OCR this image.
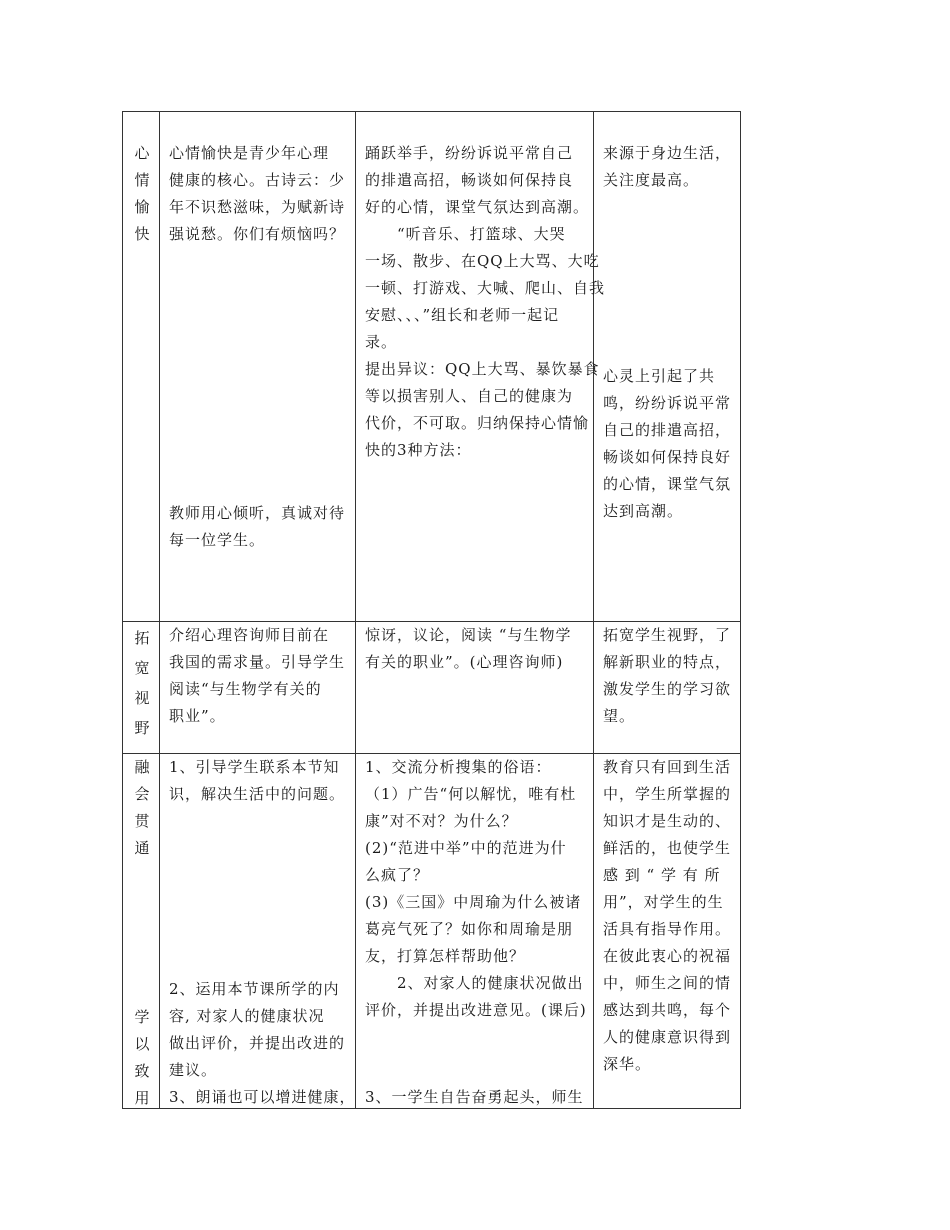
心
情
愉
快
心情愉快是青少年心理
健康的核心。古诗云：少
年不识愁滋味，为赋新诗
强说愁。你们有烦恼吗？
教师用心倾听，真诚对待
每一位学生。
踊跃举手，纷纷诉说平常自己
的排遣高招，畅谈如何保持良
好的心情，课堂气氛达到高潮。
　　“听音乐、打篮球、大哭
一场、散步、在QQ上大骂、大吃
一顿、打游戏、大喊、爬山、自我
安慰、、、”组长和老师一起记
录。
提出异议：QQ上大骂、暴饮暴食
等以损害别人、自己的健康为
代价，不可取。归纳保持心情愉
快的3种方法：
来源于身边生活，
关注度最高。
心灵上引起了共
鸣，纷纷诉说平常
自己的排遣高招，
畅谈如何保持良好
的心情，课堂气氛
达到高潮。
拓
宽
视
野
介绍心理咨询师目前在
我国的需求量。引导学生
阅读“与生物学有关的
职业”。
惊讶，议论，阅读 “与生物学
有关的职业”。(心理咨询师)
拓宽学生视野，了
解新职业的特点，
激发学生的学习欲
望。
融
会
贯
通
学
以
致
用
1、引导学生联系本节知
识，解决生活中的问题。
2、运用本节课所学的内
容, 对家人的健康状况
做出评价，并提出改进的
建议。
3、朗诵也可以增进健康，
1、交流分析搜集的俗语：
（1）广告“何以解忧，唯有杜
康”对不对？为什么？
(2)“范进中举”中的范进为什
么疯了？
(3)《三国》中周瑜为什么被诸
葛亮气死了？如你和周瑜是朋
友，打算怎样帮助他？
　　2、对家人的健康状况做出
评价，并提出改进意见。(课后)
3、一学生自告奋勇起头，师生
教育只有回到生活
中，学生所掌握的
知识才是生动的、
鲜活的，也使学生
感 到 “ 学 有 所
用”，对学生的生
活具有指导作用。
在彼此衷心的祝福
中，师生之间的情
感达到共鸣，每个
人的健康意识得到
深华。
